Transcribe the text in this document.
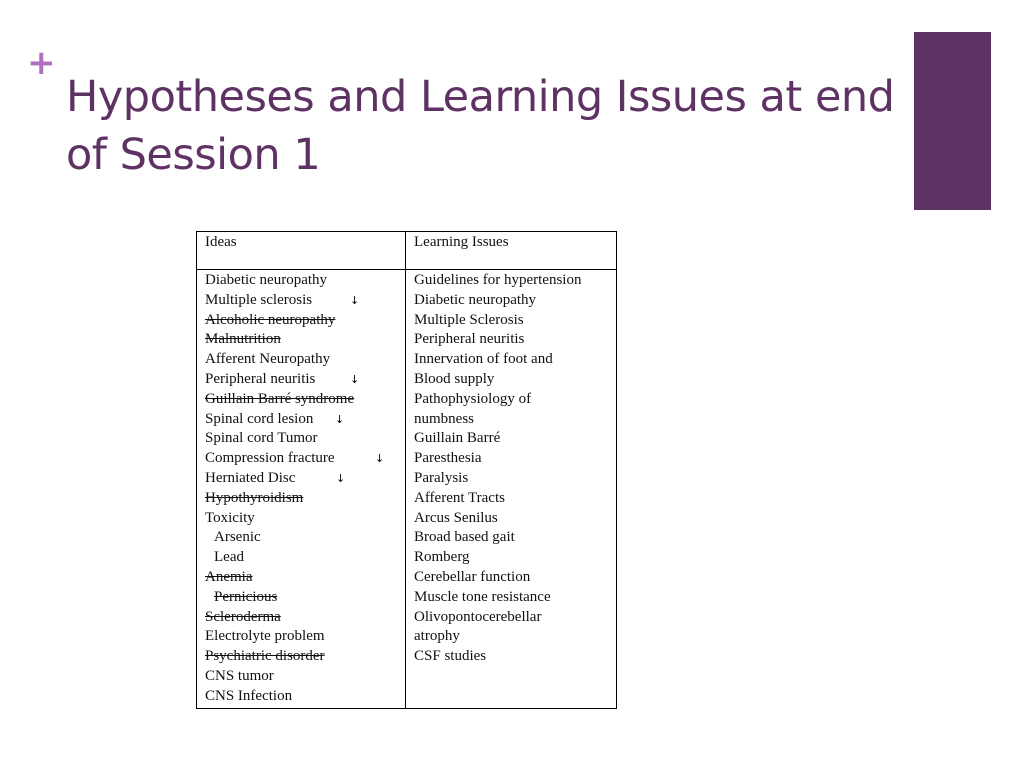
+
Hypotheses and Learning Issues at end of Session 1
Ideas
Diabetic neuropathy
Multiple sclerosis	↓
Alcoholic neuropathy
Malnutrition
Afferent Neuropathy
Peripheral neuritis	↓
Guillain Barré syndrome
Spinal cord lesion ↓
Spinal cord Tumor
Compression fracture	↓
Herniated Disc	↓
Hypothyroidism
Toxicity
Arsenic
Lead
Anemia
Pernicious
Scleroderma
Electrolyte problem
Psychiatric disorder
CNS tumor
CNS Infection
Learning Issues
Guidelines for hypertension
Diabetic neuropathy
Multiple Sclerosis
Peripheral neuritis
Innervation of foot and
Blood supply
Pathophysiology of
numbness
Guillain Barré
Paresthesia
Paralysis
Afferent Tracts
Arcus Senilus
Broad based gait
Romberg
Cerebellar function
Muscle tone resistance
Olivopontocerebellar
atrophy
CSF studies
